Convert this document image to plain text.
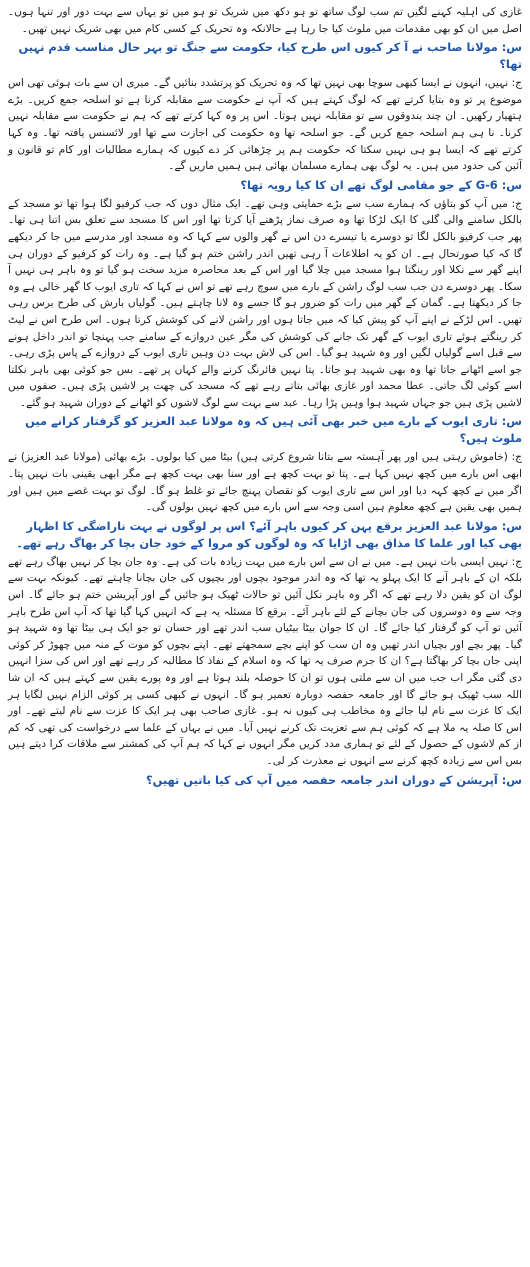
غازی کی اہلیہ کہنے لگیں تم سب لوگ ساتھ تو ہو دکھ میں شریک تو ہو میں تو یہاں سے بہت دور اور تنہا ہوں۔ اصل میں ان کو بھی مقدمات میں ملوث کیا جا رہا ہے حالانکہ وہ تحریک کے کسی کام میں بھی شریک نہیں تھیں۔

س: مولانا صاحب نے آ کر کیوں اس طرح کیا، حکومت سے جنگ تو بہر حال مناسب قدم نہیں تھا؟

ج: نہیں، انہوں نے ایسا کبھی سوچا بھی نہیں تھا کہ وہ تحریک کو پرتشدد بنائیں گے۔ میری ان سے بات ہوئی تھی اس موضوع پر تو وہ بتایا کرتے تھے کہ لوگ کہتے ہیں کہ آپ نے حکومت سے مقابلہ کرنا ہے تو اسلحہ جمع کریں۔ بڑے ہتھیار رکھیں۔ ان چند بندوقوں سے تو مقابلہ نہیں ہوتا۔ اس پر وہ کہا کرتے تھے کہ ہم نے حکومت سے مقابلہ نہیں کرنا۔ نا ہی ہم اسلحہ جمع کریں گے۔ جو اسلحہ تھا وہ حکومت کی اجازت سے تھا اور لائسنس یافتہ تھا۔ وہ کہا کرتے تھے کہ ایسا ہو ہی نہیں سکتا کہ حکومت ہم پر چڑھائی کر دے کیوں کہ ہمارے مطالبات اور کام تو قانون و آئین کی حدود میں ہیں۔ یہ لوگ بھی ہمارے مسلمان بھائی ہیں ہمیں ماریں گے۔

س: G-6 کے جو مقامی لوگ تھے ان کا کیا رویہ تھا؟

ج: میں آپ کو بتاؤں کہ ہمارے سب سے بڑے حمایتی وہی تھے۔ ایک مثال دوں کہ جب کرفیو لگا ہوا تھا تو مسجد کے بالکل سامنے والی گلی کا ایک لڑکا تھا وہ صرف نماز پڑھنے آیا کرتا تھا اور اس کا مسجد سے تعلق بس اتنا ہی تھا۔ پھر جب کرفیو بالکل لگا تو دوسرے یا تیسرے دن اس نے گھر والوں سے کہا کہ وہ مسجد اور مدرسے میں جا کر دیکھے گا کہ کیا صورتحال ہے۔ ان کو یہ اطلاعات آ رہی تھیں اندر راشن ختم ہو گیا ہے۔ وہ رات کو کرفیو کے دوران ہی اپنے گھر سے نکلا اور رینگتا ہوا مسجد میں چلا گیا اور اس کے بعد محاصرہ مزید سخت ہو گیا تو وہ باہر ہی نہیں آ سکا۔ پھر دوسرے دن جب سب لوگ راشن کے بارے میں سوچ رہے تھے تو اس نے کہا کہ تاری ایوب کا گھر خالی ہے وہ جا کر دیکھتا ہے۔ گمان کے گھر میں رات کو ضرور ہو گا جسے وہ لانا چاہتے ہیں۔ گولیاں بارش کی طرح برس رہی تھیں۔ اس لڑکے نے اپنے آپ کو پیش کیا کہ میں جاتا ہوں اور راشن لانے کی کوشش کرتا ہوں۔ اس طرح اس نے لیٹ کر رینگتے ہوئے تاری ایوب کے گھر تک جانے کی کوشش کی مگر عین دروازے کے سامنے جب پہنچا تو اندر داخل ہونے سے قبل اسے گولیاں لگیں اور وہ شہید ہو گیا۔ اس کی لاش بہت دن وہیں تاری ایوب کے دروازے کے پاس پڑی رہی۔ جو اسے اٹھانے جاتا تھا وہ بھی شہید ہو جاتا۔ پتا نہیں فائرنگ کرنے والے کہاں پر تھے۔ بس جو کوئی بھی باہر نکلتا اسے کوئی لگ جاتی۔ عطا محمد اور غازی بھائی بتاتے رہے تھے کہ مسجد کی چھت پر لاشیں پڑی ہیں۔ صفوں میں لاشیں پڑی ہیں جو جہاں شہید ہوا وہیں پڑا رہا۔ عبد سے بہت سے لوگ لاشوں کو اٹھانے کے دوران شہید ہو گئے۔

س: تاری ایوب کے بارے میں خبر بھی آئی ہیں کہ وہ مولانا عبد العزیز کو گرفتار کرانے میں ملوث ہیں؟

ج: (خاموش رہتی ہیں اور پھر آہستہ سے بتانا شروع کرتی ہیں) بیٹا میں کیا بولوں۔ بڑے بھائی (مولانا عبد العزیز) نے ابھی اس بارے میں کچھ نہیں کہا ہے۔ پتا تو بہت کچھ ہے اور سنا بھی بہت کچھ ہے مگر ابھی یقینی بات نہیں پتا۔ اگر میں نے کچھ کہہ دیا اور اس سے تاری ایوب کو نقصان پہنچ جائے تو غلط ہو گا۔ لوگ تو بہت غصے میں ہیں اور ہمیں بھی یقین ہے کچھ معلوم ہیں اسی وجہ سے اس بارے میں کچھ نہیں بولوں گی۔

س: مولانا عبد العزیز برقع پہن کر کیوں باہر آئے؟ اس پر لوگوں نے بہت ناراضگی کا اظہار بھی کیا اور علما کا مذاق بھی اڑایا کہ وہ لوگوں کو مروا کے خود جان بچا کر بھاگ رہے تھے۔

ج: نہیں ایسی بات نہیں ہے۔ میں نے ان سے اس بارے میں بہت زیادہ بات کی ہے۔ وہ جان بچا کر نہیں بھاگ رہے تھے بلکہ ان کے باہر آنے کا ایک پہلو یہ تھا کہ وہ اندر موجود بچوں اور بچیوں کی جان بچانا چاہتے تھے۔ کیونکہ بہت سے لوگ ان کو یقین دلا رہے تھے کہ اگر وہ باہر نکل آئیں تو حالات ٹھیک ہو جائیں گے اور آپریشن ختم ہو جائے گا۔ اس وجہ سے وہ دوسروں کی جان بچانے کے لئے باہر آئے۔ برقع کا مسئلہ یہ ہے کہ انہیں کہا گیا تھا کہ آپ اس طرح باہر آئیں تو آپ کو گرفتار کیا جائے گا۔ ان کا جوان بیٹا بیٹیاں سب اندر تھے اور حسان تو جو ایک ہی بیٹا تھا وہ شہید ہو گیا۔ پھر بچے اور بچیاں اندر تھیں وہ ان سب کو اپنے بچے سمجھتے تھے۔ اپنے بچوں کو موت کے منہ میں چھوڑ کر کوئی اپنی جان بچا کر بھاگتا ہے؟ ان کا جرم صرف یہ تھا کہ وہ اسلام کے نفاذ کا مطالبہ کر رہے تھے اور اس کی سزا انہیں دی گئی مگر اب جب میں ان سے ملتی ہوں تو ان کا حوصلہ بلند ہوتا ہے اور وہ پورے یقین سے کہتے ہیں کہ ان شا اللہ سب ٹھیک ہو جائے گا اور جامعہ حفصہ دوبارہ تعمیر ہو گا۔ انہوں نے کبھی کسی پر کوئی الزام نہیں لگایا ہر ایک کا عزت سے نام لیا جائے وہ مخاطب ہی کیوں نہ ہو۔ غازی صاحب بھی ہر ایک کا عزت سے نام لیتے تھے۔ اور اس کا صلہ یہ ملا ہے کہ کوئی ہم سے تعزیت تک کرنے نہیں آیا۔ میں نے یہاں کے علما سے درخواست کی تھی کہ کم از کم لاشوں کے حصول کے لئے تو ہماری مدد کریں مگر انہوں نے کہا کہ ہم آپ کی کمشنر سے ملاقات کرا دیتے ہیں بس اس سے زیادہ کچھ کرنے سے انہوں نے معذرت کر لی۔

س: آپریشن کے دوران اندر جامعہ حفصہ میں آپ کی کیا باتیں تھیں؟
